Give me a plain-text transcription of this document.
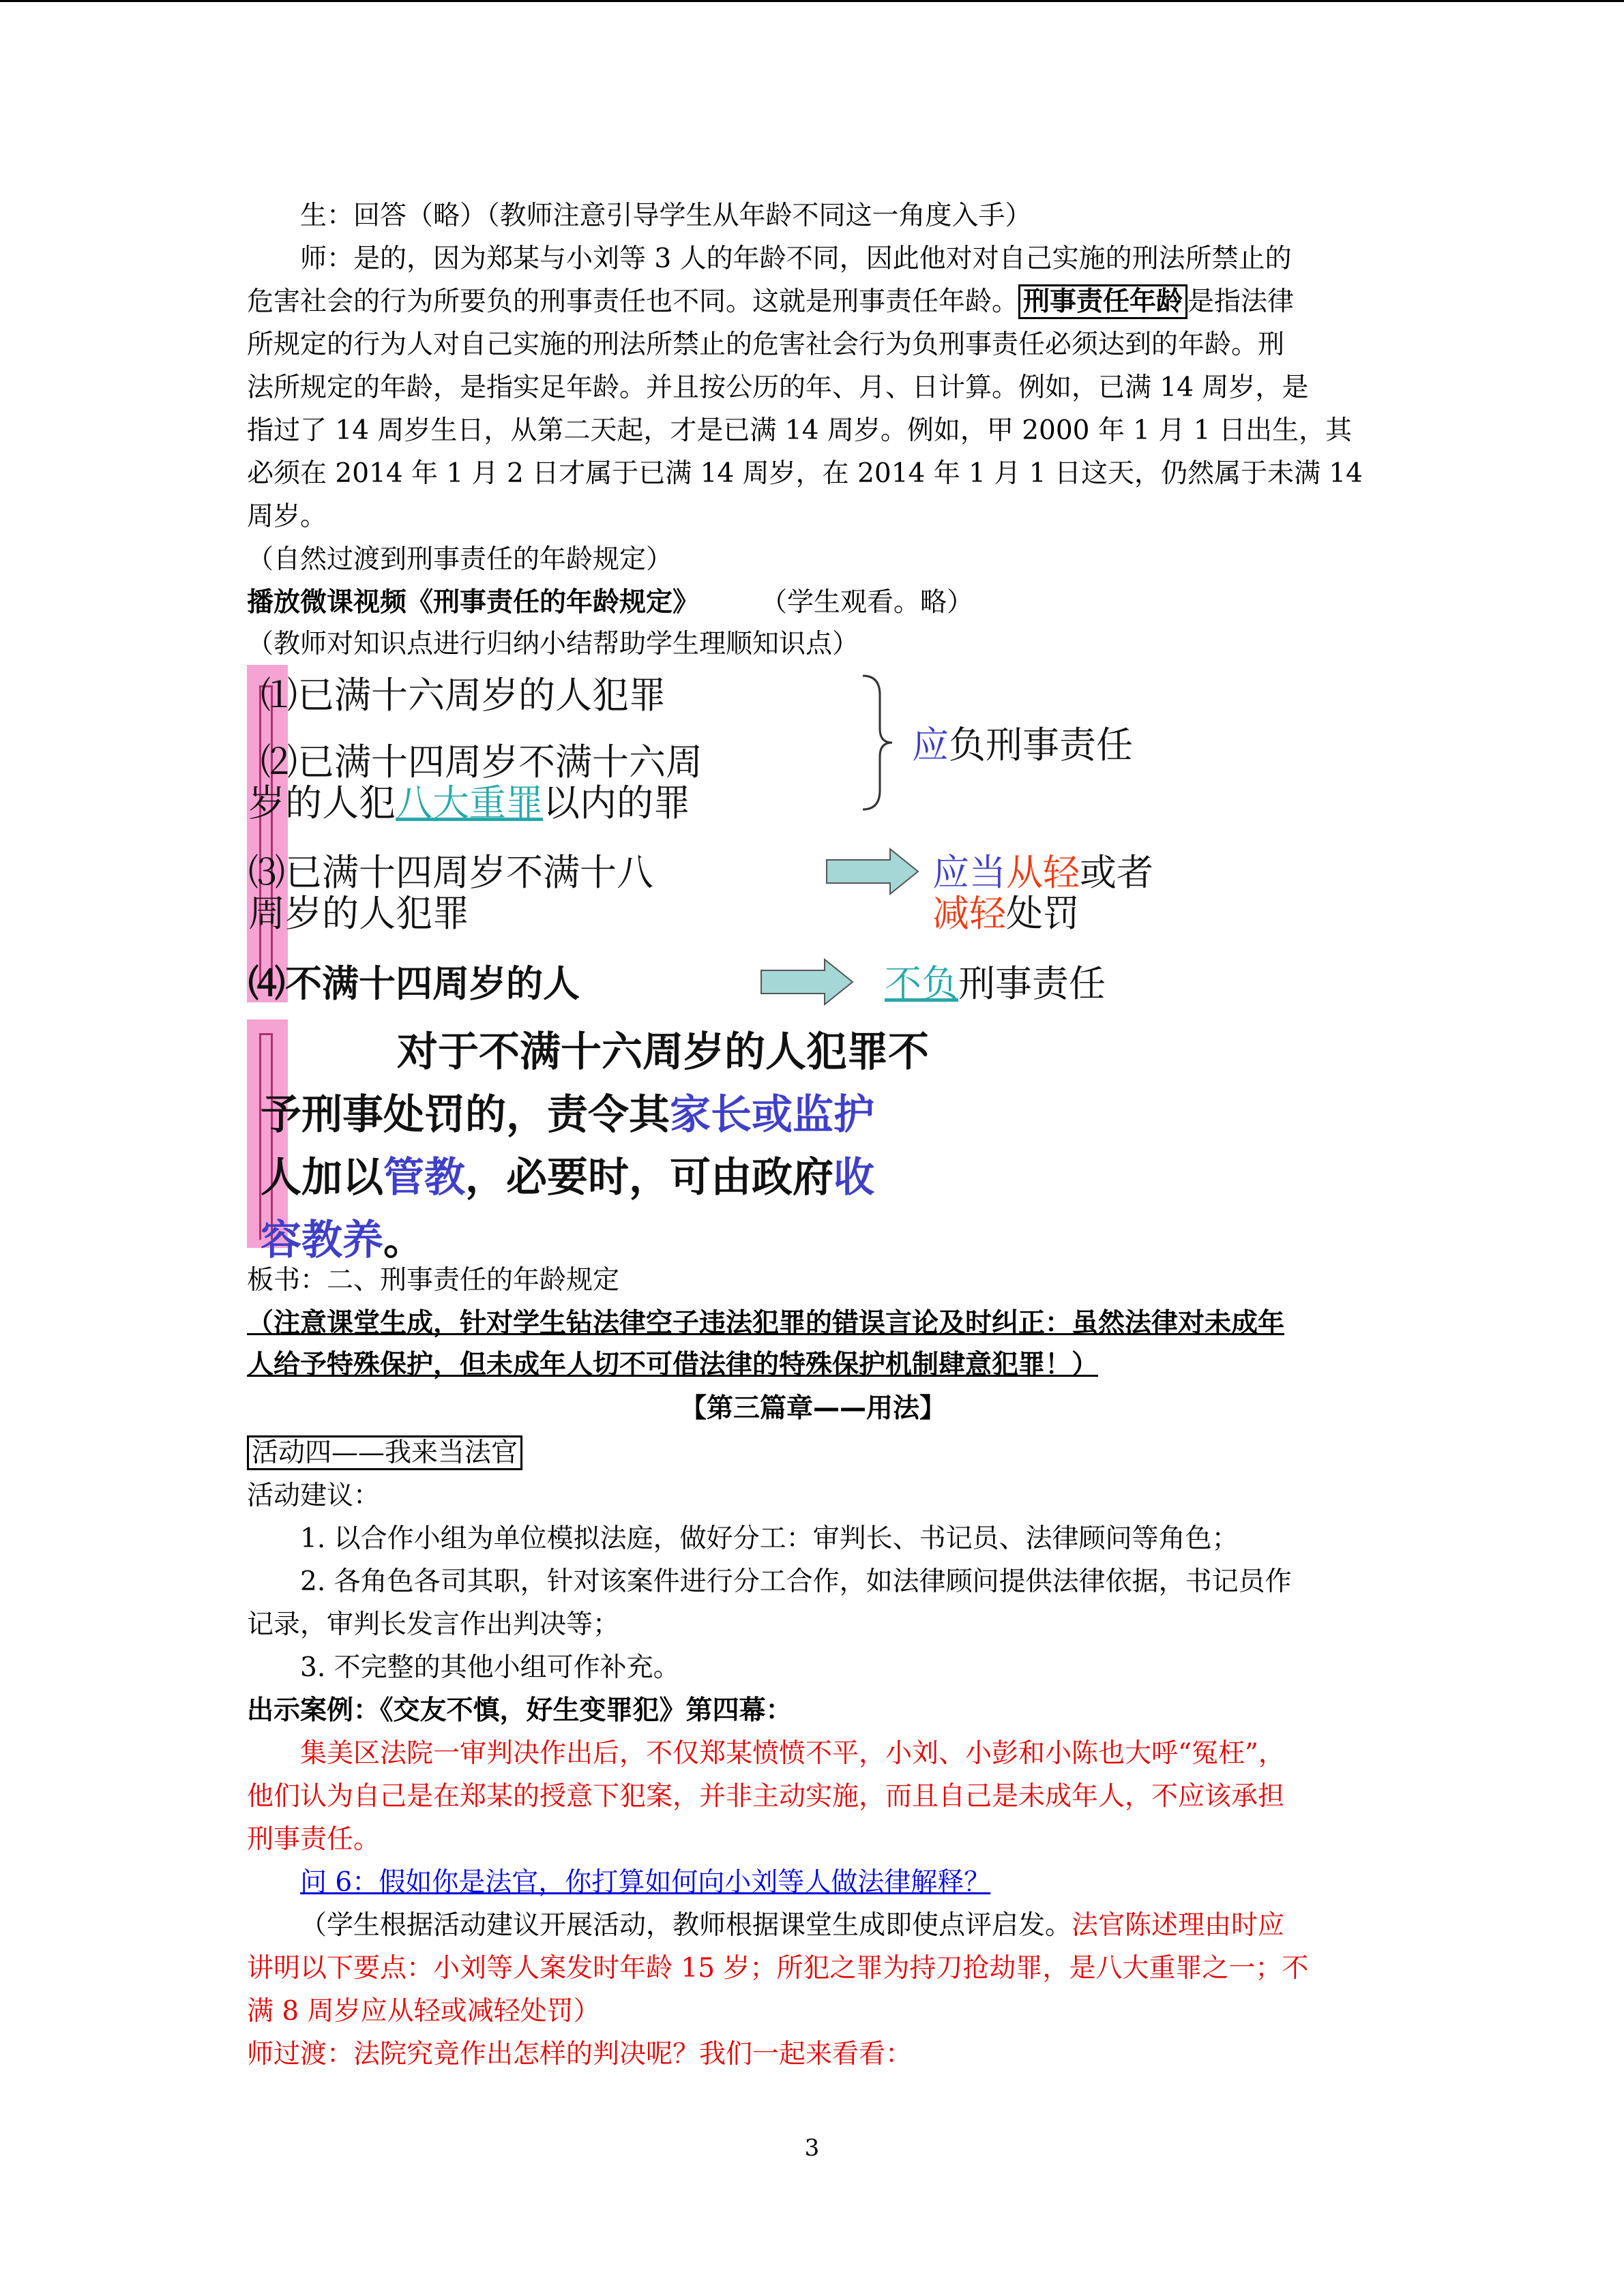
生：回答（略）（教师注意引导学生从年龄不同这一角度入手）
师：是的，因为郑某与小刘等 3 人的年龄不同，因此他对对自己实施的刑法所禁止的
危害社会的行为所要负的刑事责任也不同。这就是刑事责任年龄。 刑事责任年龄 是指法律
所规定的行为人对自己实施的刑法所禁止的危害社会行为负刑事责任必须达到的年龄。刑
法所规定的年龄，是指实足年龄。并且按公历的年、月、日计算。例如，已满 14 周岁，是
指过了 14 周岁生日，从第二天起，才是已满 14 周岁。例如，甲 2000 年 1 月 1 日出生，其
必须在 2014 年 1 月 2 日才属于已满 14 周岁，在 2014 年 1 月 1 日这天，仍然属于未满 14
周岁。
（自然过渡到刑事责任的年龄规定）
播放微课视频《刑事责任的年龄规定》 （学生观看。略）
（教师对知识点进行归纳小结帮助学生理顺知识点）
⑴已满十六周岁的人犯罪
⑵已满十四周岁不满十六周
岁的人犯八大重罪以内的罪
应负刑事责任
⑶已满十四周岁不满十八
周岁的人犯罪
应当从轻或者
减轻处罚
⑷不满十四周岁的人	不负刑事责任
对于不满十六周岁的人犯罪不
予刑事处罚的，责令其家长或监护
人加以管教，必要时，可由政府收
容教养。
板书：二、刑事责任的年龄规定
（注意课堂生成，针对学生钻法律空子违法犯罪的错误言论及时纠正：虽然法律对未成年
人给予特殊保护，但未成年人切不可借法律的特殊保护机制肆意犯罪！）
【第三篇章——用法】
活动四——我来当法官
活动建议：
1. 以合作小组为单位模拟法庭，做好分工：审判长、书记员、法律顾问等角色；
2. 各角色各司其职，针对该案件进行分工合作，如法律顾问提供法律依据，书记员作
记录，审判长发言作出判决等；
3. 不完整的其他小组可作补充。
出示案例：《交友不慎，好生变罪犯》第四幕：
集美区法院一审判决作出后，不仅郑某愤愤不平，小刘、小彭和小陈也大呼“冤枉”，
他们认为自己是在郑某的授意下犯案，并非主动实施，而且自己是未成年人，不应该承担
刑事责任。
问 6：假如你是法官，你打算如何向小刘等人做法律解释？
（学生根据活动建议开展活动，教师根据课堂生成即使点评启发。法官陈述理由时应
讲明以下要点：小刘等人案发时年龄 15 岁；所犯之罪为持刀抢劫罪，是八大重罪之一；不
满 8 周岁应从轻或减轻处罚）
师过渡：法院究竟作出怎样的判决呢？我们一起来看看：
3
